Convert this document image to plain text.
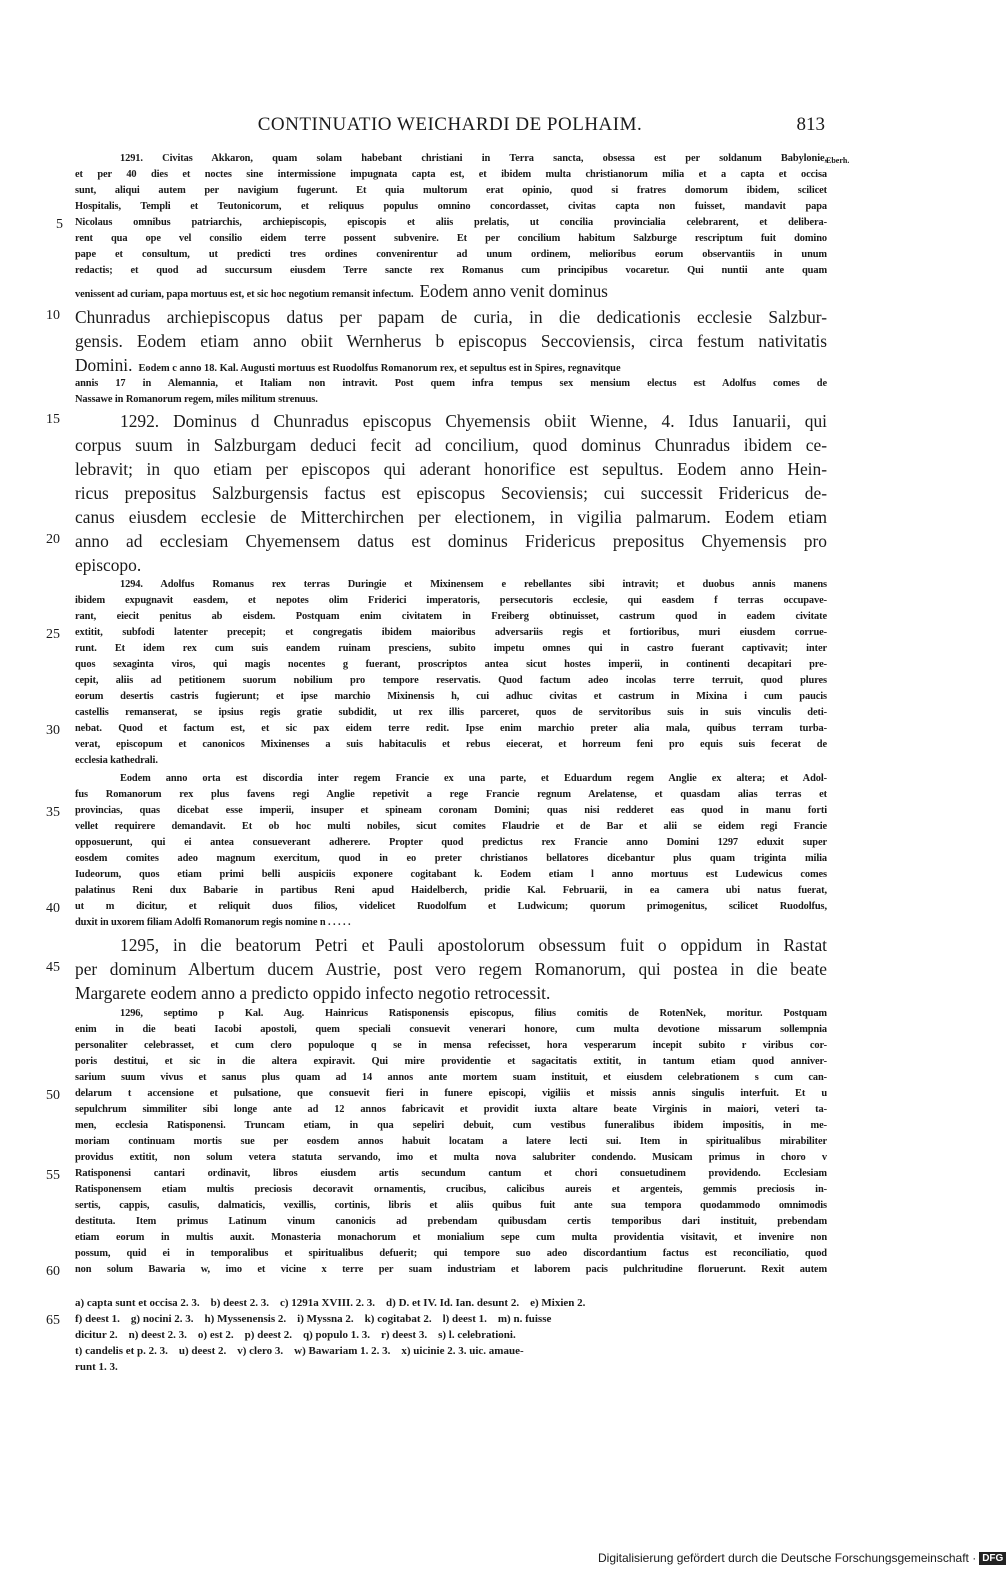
CONTINUATIO WEICHARDI DE POLHAIM.	813
Eberh.
1291. Civitas Akkaron, quam solam habebant christiani in Terra sancta, obsessa est per soldanum Babylonie,
et per 40 dies et noctes sine intermissione impugnata capta est, et ibidem multa christianorum milia et a capta et occisa
sunt, aliqui autem per navigium fugerunt. Et quia multorum erat opinio, quod si fratres domorum ibidem, scilicet
Hospitalis, Templi et Teutonicorum, et reliquus populus omnino concordasset, civitas capta non fuisset, mandavit papa
Nicolaus omnibus patriarchis, archiepiscopis, episcopis et aliis prelatis, ut concilia provincialia celebrarent, et delibera-
rent qua ope vel consilio eidem terre possent subvenire. Et per concilium habitum Salzburge rescriptum fuit domino
pape et consultum, ut predicti tres ordines convenirentur ad unum ordinem, melioribus eorum observantiis in unum
redactis; et quod ad succursum eiusdem Terre sancte rex Romanus cum principibus vocaretur. Qui nuntii ante quam
venissent ad curiam, papa mortuus est, et sic hoc negotium remansit infectum. Eodem anno venit dominus
Chunradus archiepiscopus datus per papam de curia, in die dedicationis ecclesie Salzbur-
gensis. Eodem etiam anno obiit Wernherus b episcopus Seccoviensis, circa festum nativitatis
Domini. Eodem c anno 18. Kal. Augusti mortuus est Ruodolfus Romanorum rex, et sepultus est in Spires, regnavitque
annis 17 in Alemannia, et Italiam non intravit. Post quem infra tempus sex mensium electus est Adolfus comes de
Nassawe in Romanorum regem, miles militum strenuus.
1292. Dominus d Chunradus episcopus Chyemensis obiit Wienne, 4. Idus Ianuarii, qui
corpus suum in Salzburgam deduci fecit ad concilium, quod dominus Chunradus ibidem ce-
lebravit; in quo etiam per episcopos qui aderant honorifice est sepultus. Eodem anno Hein-
ricus prepositus Salzburgensis factus est episcopus Secoviensis; cui successit Fridericus de-
canus eiusdem ecclesie de Mitterchirchen per electionem, in vigilia palmarum. Eodem etiam
anno ad ecclesiam Chyemensem datus est dominus Fridericus prepositus Chyemensis pro
episcopo.
1294. Adolfus Romanus rex terras Duringie et Mixinensem e rebellantes sibi intravit; et duobus annis manens
ibidem expugnavit easdem, et nepotes olim Friderici imperatoris, persecutoris ecclesie, qui easdem f terras occupave-
rant, eiecit penitus ab eisdem. Postquam enim civitatem in Freiberg obtinuisset, castrum quod in eadem civitate
extitit, subfodi latenter precepit; et congregatis ibidem maioribus adversariis regis et fortioribus, muri eiusdem corrue-
runt. Et idem rex cum suis eandem ruinam presciens, subito impetu omnes qui in castro fuerant captivavit; inter
quos sexaginta viros, qui magis nocentes g fuerant, proscriptos antea sicut hostes imperii, in continenti decapitari pre-
cepit, aliis ad petitionem suorum nobilium pro tempore reservatis. Quod factum adeo incolas terre terruit, quod plures
eorum desertis castris fugierunt; et ipse marchio Mixinensis h, cui adhuc civitas et castrum in Mixina i cum paucis
castellis remanserat, se ipsius regis gratie subdidit, ut rex illis parceret, quos de servitoribus suis in suis vinculis deti-
nebat. Quod et factum est, et sic pax eidem terre redit. Ipse enim marchio preter alia mala, quibus terram turba-
verat, episcopum et canonicos Mixinenses a suis habitaculis et rebus eiecerat, et horreum feni pro equis suis fecerat de
ecclesia kathedrali.
Eodem anno orta est discordia inter regem Francie ex una parte, et Eduardum regem Anglie ex altera; et Adol-
fus Romanorum rex plus favens regi Anglie repetivit a rege Francie regnum Arelatense, et quasdam alias terras et
provincias, quas dicebat esse imperii, insuper et spineam coronam Domini; quas nisi redderet eas quod in manu forti
vellet requirere demandavit. Et ob hoc multi nobiles, sicut comites Flaudrie et de Bar et alii se eidem regi Francie
opposuerunt, qui ei antea consueverant adherere. Propter quod predictus rex Francie anno Domini 1297 eduxit super
eosdem comites adeo magnum exercitum, quod in eo preter christianos bellatores dicebantur plus quam triginta milia
Iudeorum, quos etiam primi belli auspiciis exponere cogitabant k. Eodem etiam l anno mortuus est Ludewicus comes
palatinus Reni dux Babarie in partibus Reni apud Haidelberch, pridie Kal. Februarii, in ea camera ubi natus fuerat,
ut m dicitur, et reliquit duos filios, videlicet Ruodolfum et Ludwicum; quorum primogenitus, scilicet Ruodolfus,
duxit in uxorem filiam Adolfi Romanorum regis nomine n . . . . .
1295, in die beatorum Petri et Pauli apostolorum obsessum fuit o oppidum in Rastat
per dominum Albertum ducem Austrie, post vero regem Romanorum, qui postea in die beate
Margarete eodem anno a predicto oppido infecto negotio retrocessit.
1296, septimo p Kal. Aug. Hainricus Ratisponensis episcopus, filius comitis de RotenNek, moritur. Postquam
enim in die beati Iacobi apostoli, quem speciali consuevit venerari honore, cum multa devotione missarum sollempnia
personaliter celebrasset, et cum clero populoque q se in mensa refecisset, hora vesperarum incepit subito r viribus cor-
poris destitui, et sic in die altera expiravit. Qui mire providentie et sagacitatis extitit, in tantum etiam quod anniver-
sarium suum vivus et sanus plus quam ad 14 annos ante mortem suam instituit, et eiusdem celebrationem s cum can-
delarum t accensione et pulsatione, que consuevit fieri in funere episcopi, vigiliis et missis annis singulis interfuit. Et u
sepulchrum simmiliter sibi longe ante ad 12 annos fabricavit et providit iuxta altare beate Virginis in maiori, veteri ta-
men, ecclesia Ratisponensi. Truncam etiam, in qua sepeliri debuit, cum vestibus funeralibus ibidem impositis, in me-
moriam continuam mortis sue per eosdem annos habuit locatam a latere lecti sui. Item in spiritualibus mirabiliter
providus extitit, non solum vetera statuta servando, imo et multa nova salubriter condendo. Musicam primus in choro v
Ratisponensi cantari ordinavit, libros eiusdem artis secundum cantum et chori consuetudinem providendo. Ecclesiam
Ratisponensem etiam multis preciosis decoravit ornamentis, crucibus, calicibus aureis et argenteis, gemmis preciosis in-
sertis, cappis, casulis, dalmaticis, vexillis, cortinis, libris et aliis quibus fuit ante sua tempora quodammodo omnimodis
destituta. Item primus Latinum vinum canonicis ad prebendam quibusdam certis temporibus dari instituit, prebendam
etiam eorum in multis auxit. Monasteria monachorum et monialium sepe cum multa providentia visitavit, et invenire non
possum, quid ei in temporalibus et spiritualibus defuerit; qui tempore suo adeo discordantium factus est reconciliatio, quod
non solum Bawaria w, imo et vicine x terre per suam industriam et laborem pacis pulchritudine floruerunt. Rexit autem
a) capta sunt et occisa 2. 3.    b) deest 2. 3.    c) 1291a XVIII. 2. 3.    d) D. et IV. Id. Ian. desunt 2.    e) Mixien 2.
f) deest 1.    g) nocini 2. 3.    h) Myssenensis 2.    i) Myssna 2.    k) cogitabat 2.    l) deest 1.    m) n. fuisse
dicitur 2.    n) deest 2. 3.    o) est 2.    p) deest 2.    q) populo 1. 3.    r) deest 3.    s) l. celebrationi.
t) candelis et p. 2. 3.    u) deest 2.    v) clero 3.    w) Bawariam 1. 2. 3.    x) uicinie 2. 3. uic. amaue-
runt 1. 3.
5
10
15
20
25
30
35
40
45
50
55
60
65
Digitalisierung gefördert durch die Deutsche Forschungsgemeinschaft · DFG
